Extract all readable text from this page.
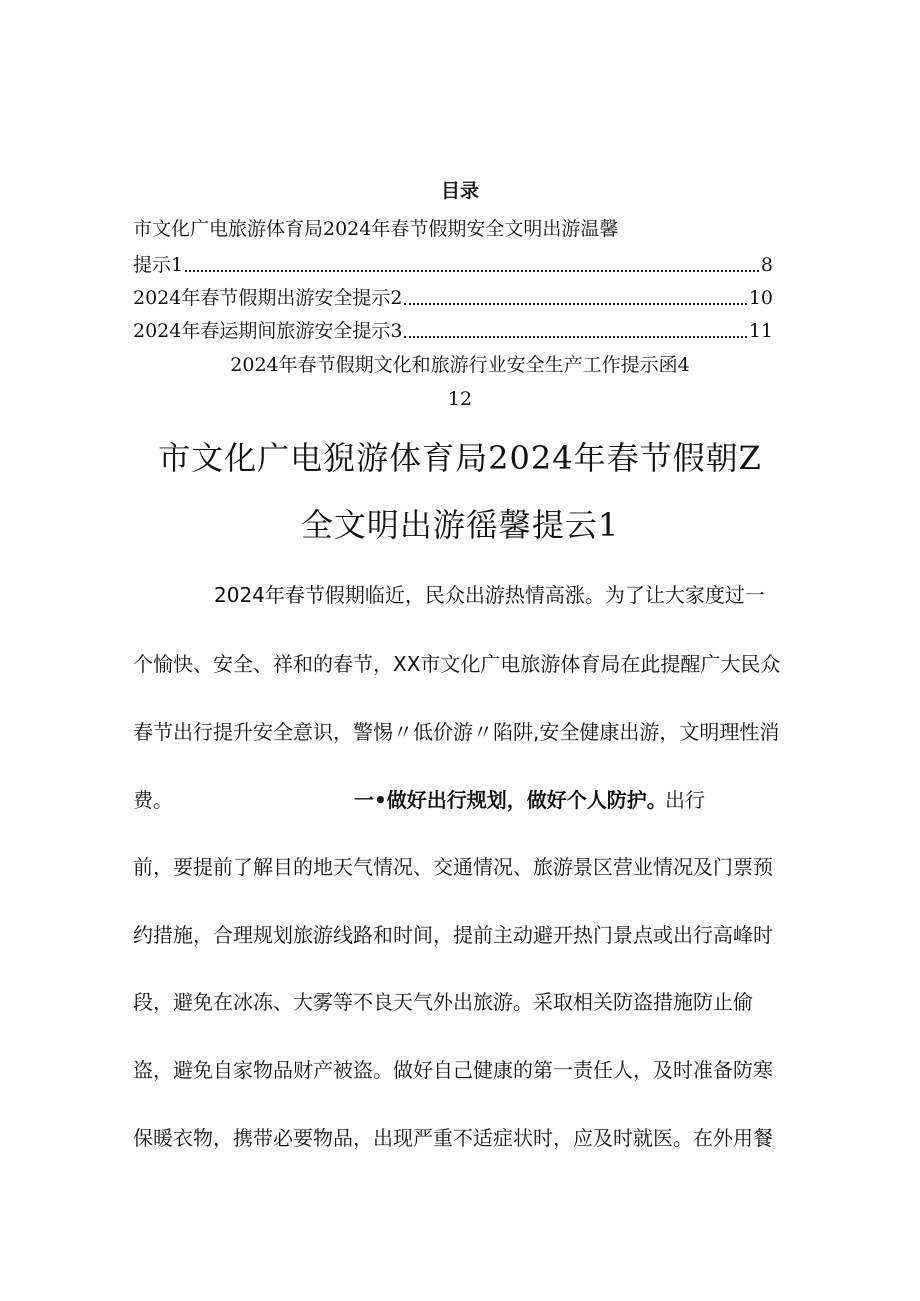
目录
市文化广电旅游体育局2024年春节假期安全文明出游温馨
提示1	8
2024年春节假期出游安全提示2	10
2024年春运期间旅游安全提示3	11
2024年春节假期文化和旅游行业安全生产工作提示函4
12
市文化广电猊游体育局2024年春节假朝Z
全文明出游徭馨提云1
2024年春节假期临近，民众出游热情高涨。为了让大家度过一
个愉快、安全、祥和的春节，XX市文化广电旅游体育局在此提醒广大民众
春节出行提升安全意识，警惕〃低价游〃陷阱,安全健康出游，文明理性消
费。	一•做好出行规划，做好个人防护。
出行
前，要提前了解目的地天气情况、交通情况、旅游景区营业情况及门票预
约措施，合理规划旅游线路和时间，提前主动避开热门景点或出行高峰时
段，避免在冰冻、大雾等不良天气外出旅游。采取相关防盗措施防止偷
盗，避免自家物品财产被盗。做好自己健康的第一责任人，及时准备防寒
保暖衣物，携带必要物品，出现严重不适症状时，应及时就医。在外用餐
